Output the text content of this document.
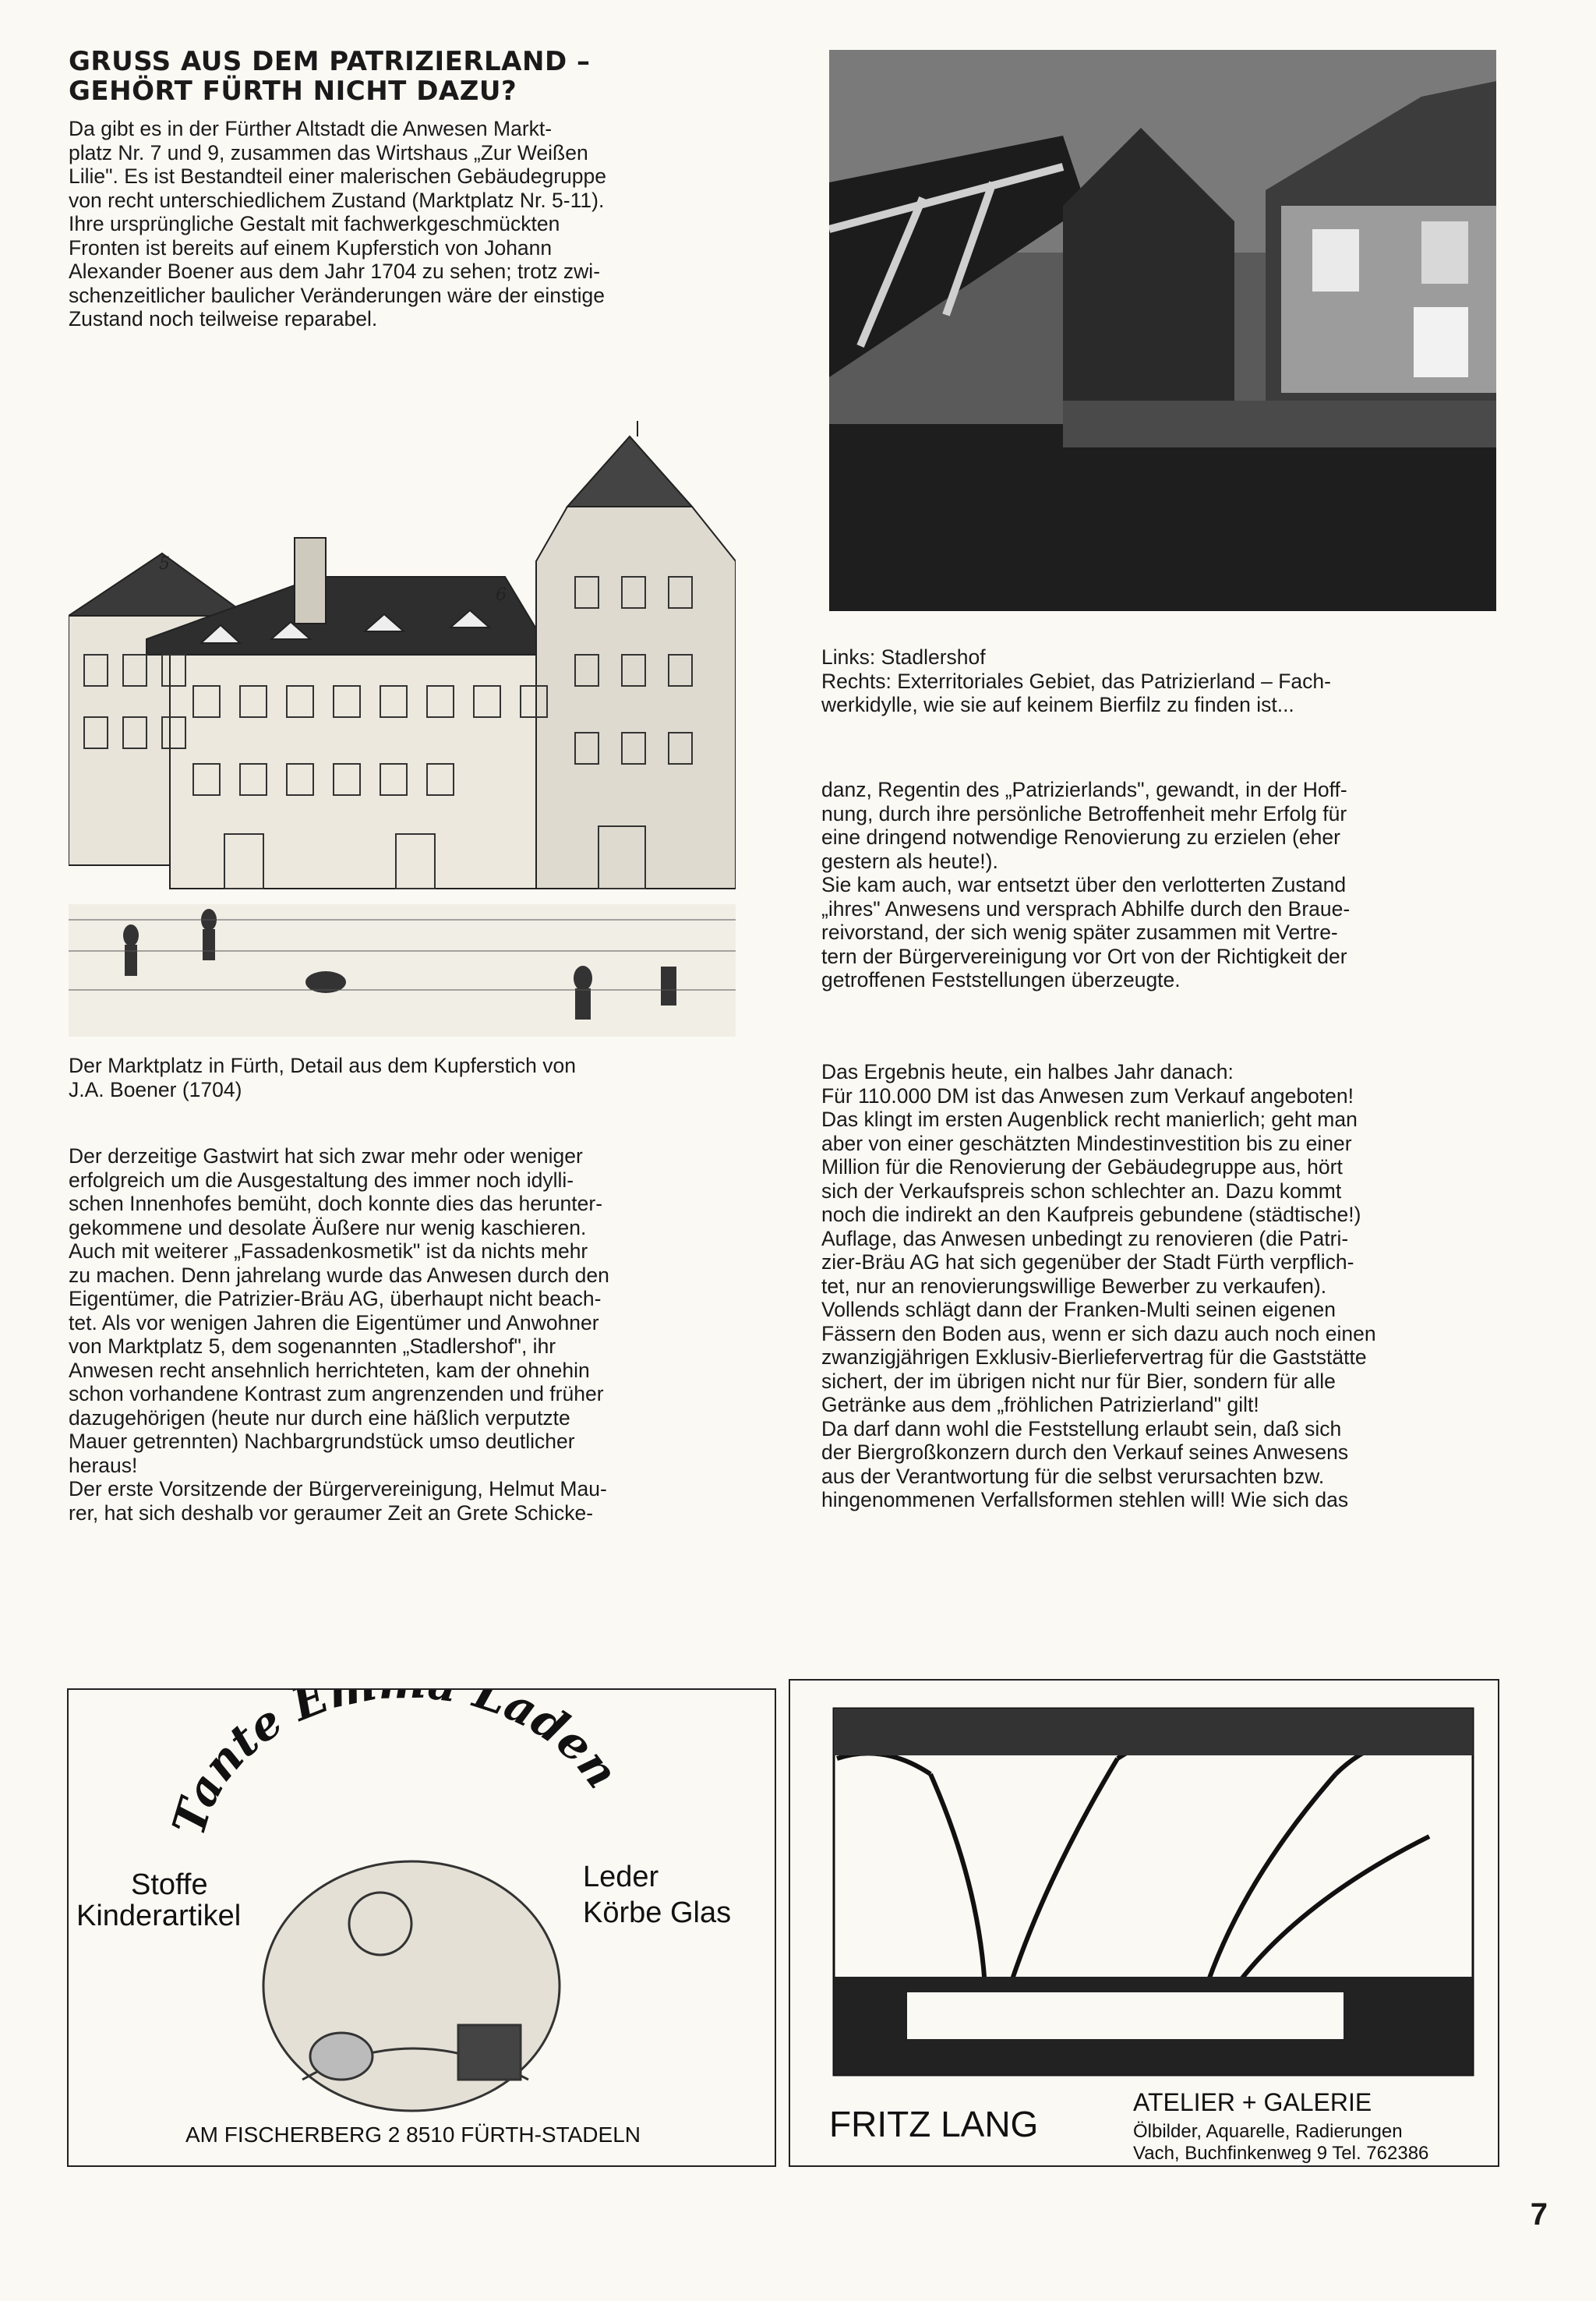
GRUSS AUS DEM PATRIZIERLAND –
GEHÖRT FÜRTH NICHT DAZU?

Da gibt es in der Fürther Altstadt die Anwesen Markt-

platz Nr. 7 und 9, zusammen das Wirtshaus „Zur Weißen

Lilie". Es ist Bestandteil einer malerischen Gebäudegruppe

von recht unterschiedlichem Zustand (Marktplatz Nr. 5-11).

Ihre ursprüngliche Gestalt mit fachwerkgeschmückten

Fronten ist bereits auf einem Kupferstich von Johann

Alexander Boener aus dem Jahr 1704 zu sehen; trotz zwi-

schenzeitlicher baulicher Veränderungen wäre der einstige

Zustand noch teilweise reparabel.

5
6
Der Marktplatz in Fürth, Detail aus dem Kupferstich von
J.A. Boener (1704)

Der derzeitige Gastwirt hat sich zwar mehr oder weniger

erfolgreich um die Ausgestaltung des immer noch idylli-

schen Innenhofes bemüht, doch konnte dies das herunter-

gekommene und desolate Äußere nur wenig kaschieren.

Auch mit weiterer „Fassadenkosmetik" ist da nichts mehr

zu machen. Denn jahrelang wurde das Anwesen durch den

Eigentümer, die Patrizier-Bräu AG, überhaupt nicht beach-

tet. Als vor wenigen Jahren die Eigentümer und Anwohner

von Marktplatz 5, dem sogenannten „Stadlershof", ihr

Anwesen recht ansehnlich herrichteten, kam der ohnehin

schon vorhandene Kontrast zum angrenzenden und früher

dazugehörigen (heute nur durch eine häßlich verputzte

Mauer getrennten) Nachbargrundstück umso deutlicher

heraus!

Der erste Vorsitzende der Bürgervereinigung, Helmut Mau-

rer, hat sich deshalb vor geraumer Zeit an Grete Schicke-

Links: Stadlershof
Rechts: Exterritoriales Gebiet, das Patrizierland – Fach-
werkidylle, wie sie auf keinem Bierfilz zu finden ist...

danz, Regentin des „Patrizierlands", gewandt, in der Hoff-

nung, durch ihre persönliche Betroffenheit mehr Erfolg für

eine dringend notwendige Renovierung zu erzielen (eher

gestern als heute!).

Sie kam auch, war entsetzt über den verlotterten Zustand

„ihres" Anwesens und versprach Abhilfe durch den Braue-

reivorstand, der sich wenig später zusammen mit Vertre-

tern der Bürgervereinigung vor Ort von der Richtigkeit der

getroffenen Feststellungen überzeugte.

Das Ergebnis heute, ein halbes Jahr danach:

Für 110.000 DM ist das Anwesen zum Verkauf angeboten!

Das klingt im ersten Augenblick recht manierlich; geht man

aber von einer geschätzten Mindestinvestition bis zu einer

Million für die Renovierung der Gebäudegruppe aus, hört

sich der Verkaufspreis schon schlechter an. Dazu kommt

noch die indirekt an den Kaufpreis gebundene (städtische!)

Auflage, das Anwesen unbedingt zu renovieren (die Patri-

zier-Bräu AG hat sich gegenüber der Stadt Fürth verpflich-

tet, nur an renovierungswillige Bewerber zu verkaufen).

Vollends schlägt dann der Franken-Multi seinen eigenen

Fässern den Boden aus, wenn er sich dazu auch noch einen

zwanzigjährigen Exklusiv-Bierliefervertrag für die Gaststätte

sichert, der im übrigen nicht nur für Bier, sondern für alle

Getränke aus dem „fröhlichen Patrizierland" gilt!

Da darf dann wohl die Feststellung erlaubt sein, daß sich

der Biergroßkonzern durch den Verkauf seines Anwesens

aus der Verantwortung für die selbst verursachten bzw.

hingenommenen Verfallsformen stehlen will! Wie sich das

Tante E Laden
Stoffe
Kinderartikel
Leder
Körbe Glas
AM FISCHERBERG 2 8510 FÜRTH-STADELN	FRITZ LANG
ATELIER + GALERIE
Ölbilder, Aquarelle, Radierungen
Vach, Buchfinkenweg 9 Tel. 762386
7
